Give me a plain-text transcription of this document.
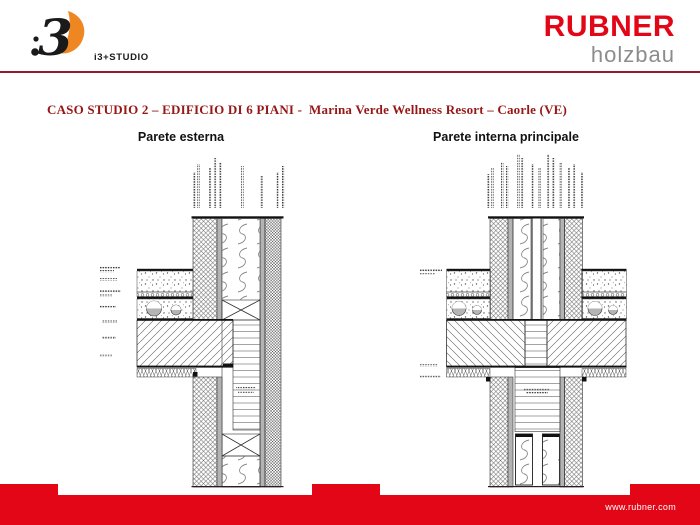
3 i3+STUDIO
RUBNER
holzbau
CASO STUDIO 2 – EDIFICIO DI 6 PIANI -  Marina Verde Wellness Resort – Caorle (VE)
Parete esterna	Parete interna principale
www.rubner.com
